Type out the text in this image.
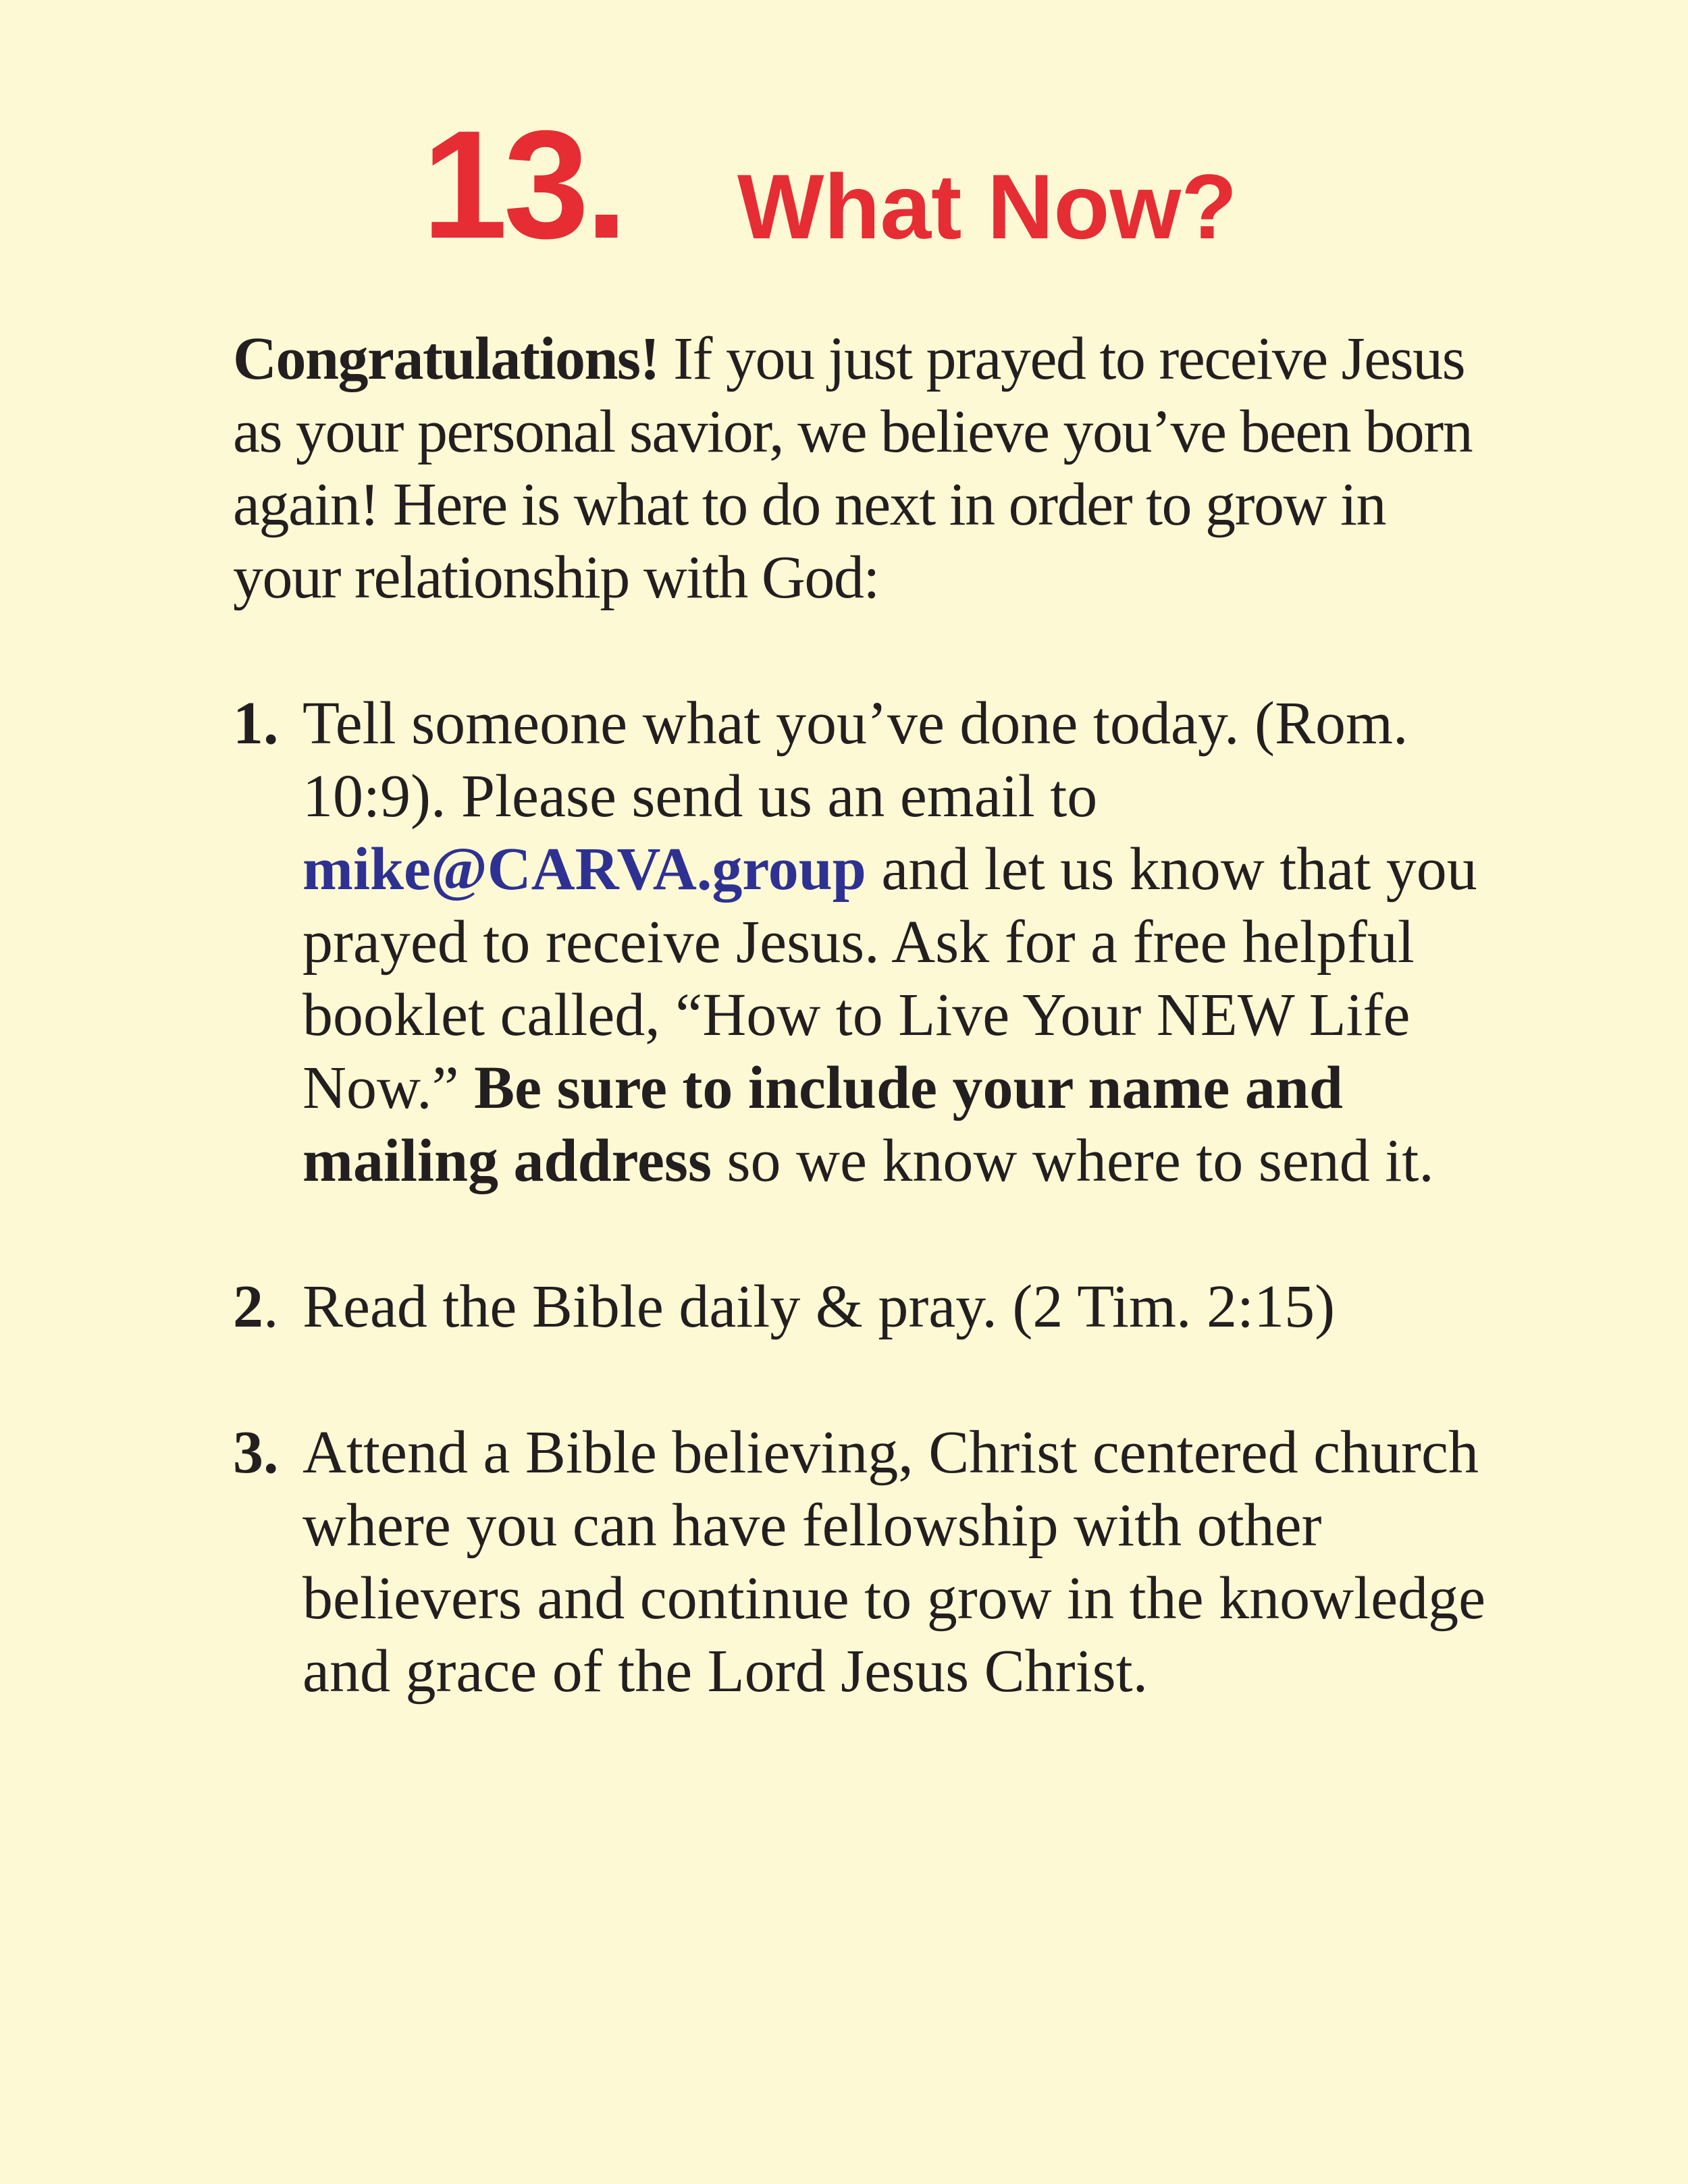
13. What Now?

Congratulations! If you just prayed to receive Jesus as your personal savior, we believe you’ve been born again! Here is what to do next in order to grow in your relationship with God:

1. Tell someone what you’ve done today. (Rom. 10:9). Please send us an email to mike@CARVA.group and let us know that you prayed to receive Jesus. Ask for a free helpful booklet called, “How to Live Your NEW Life Now.” Be sure to include your name and mailing address so we know where to send it.

2. Read the Bible daily & pray. (2 Tim. 2:15)

3. Attend a Bible believing, Christ centered church where you can have fellowship with other believers and continue to grow in the knowledge and grace of the Lord Jesus Christ.
